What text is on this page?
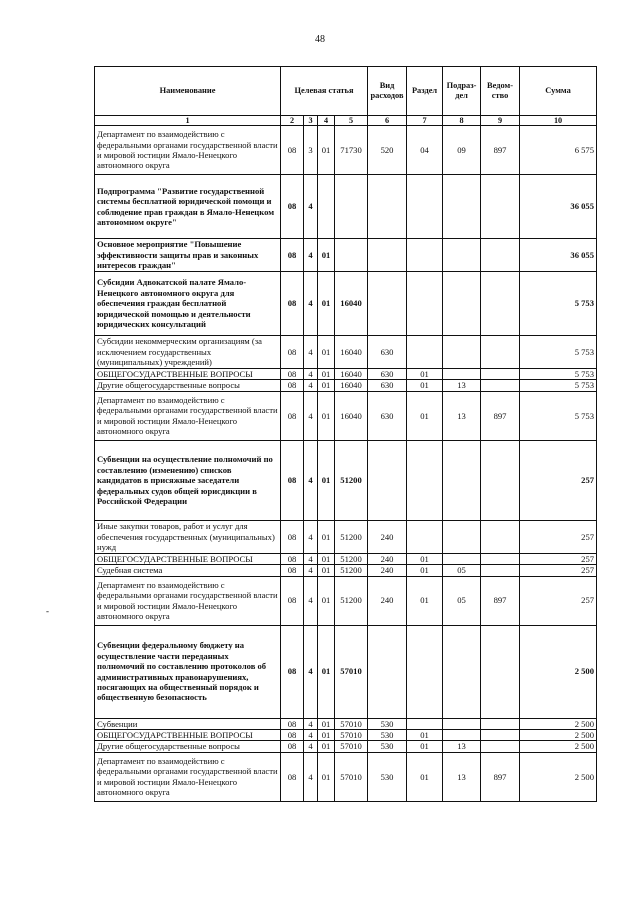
48
Наименование	Целевая статья				Вид расходов	Раздел	Подраз-дел	Ведом-ство	Сумма
1	2	3	4	5	6	7	8	9	10
Департамент по взаимодействию с федеральными органами государственной власти и мировой юстиции Ямало-Ненецкого автономного округа	08	3	01	71730	520	04	09	897	6 575
Подпрограмма "Развитие государственной системы бесплатной юридической помощи и соблюдение прав граждан в Ямало-Ненецком автономном округе"	08	4							36 055
Основное мероприятие "Повышение эффективности защиты прав и законных интересов граждан"	08	4	01						36 055
Субсидии Адвокатской палате Ямало-Ненецкого автономного округа для обеспечения граждан бесплатной юридической помощью и деятельности юридических консультаций	08	4	01	16040					5 753
Субсидии некоммерческим организациям (за исключением государственных (муниципальных) учреждений)	08	4	01	16040	630				5 753
ОБЩЕГОСУДАРСТВЕННЫЕ ВОПРОСЫ	08	4	01	16040	630	01			5 753
Другие общегосударственные вопросы	08	4	01	16040	630	01	13		5 753
Департамент по взаимодействию с федеральными органами государственной власти и мировой юстиции Ямало-Ненецкого автономного округа	08	4	01	16040	630	01	13	897	5 753
Субвенции на осуществление полномочий по составлению (изменению) списков кандидатов в присяжные заседатели федеральных судов общей юрисдикции в Российской Федерации	08	4	01	51200					257
Иные закупки товаров, работ и услуг для обеспечения государственных (муниципальных) нужд	08	4	01	51200	240				257
ОБЩЕГОСУДАРСТВЕННЫЕ ВОПРОСЫ	08	4	01	51200	240	01			257
Судебная система	08	4	01	51200	240	01	05		257
Департамент по взаимодействию с федеральными органами государственной власти и мировой юстиции Ямало-Ненецкого автономного округа	08	4	01	51200	240	01	05	897	257
Субвенции федеральному бюджету на осуществление части переданных полномочий по составлению протоколов об административных правонарушениях, посягающих на общественный порядок и общественную безопасность	08	4	01	57010					2 500
Субвенции	08	4	01	57010	530				2 500
ОБЩЕГОСУДАРСТВЕННЫЕ ВОПРОСЫ	08	4	01	57010	530	01			2 500
Другие общегосударственные вопросы	08	4	01	57010	530	01	13		2 500
Департамент по взаимодействию с федеральными органами государственной власти и мировой юстиции Ямало-Ненецкого автономного округа	08	4	01	57010	530	01	13	897	2 500
-
